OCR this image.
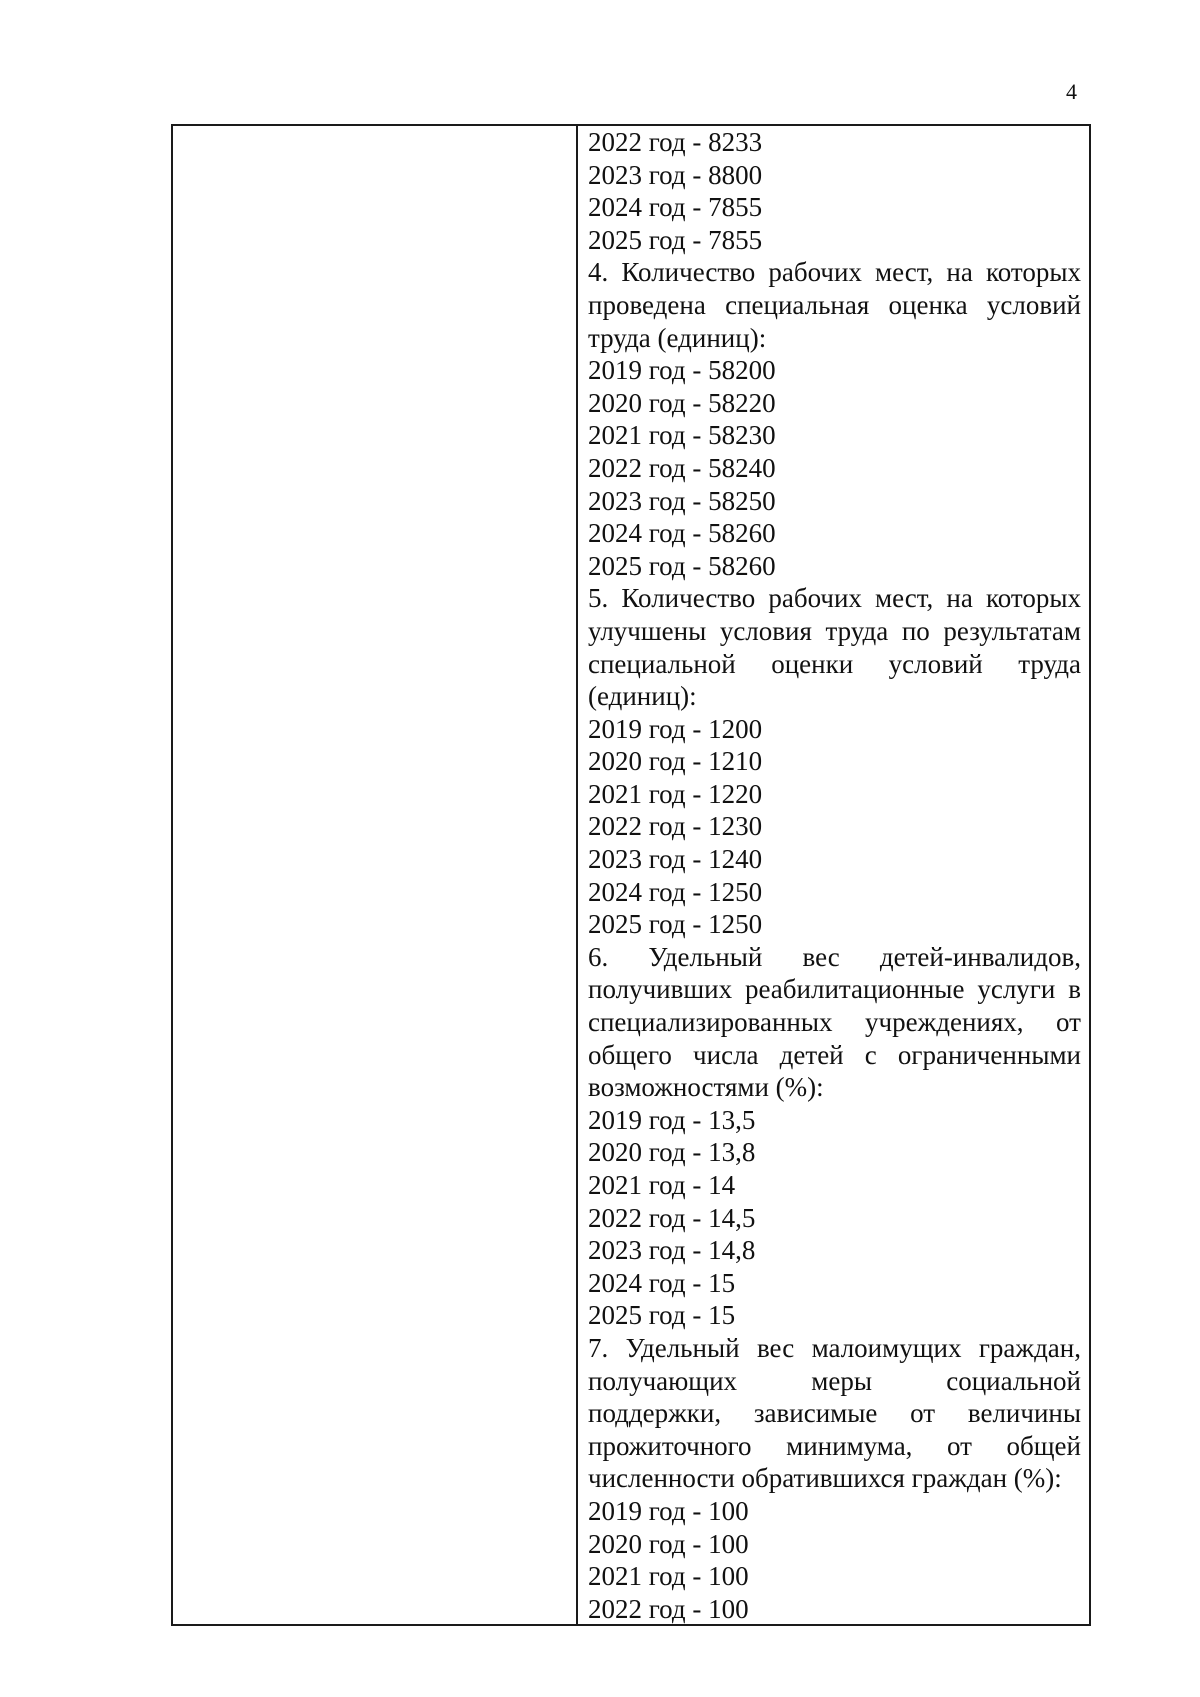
4
2022 год - 8233
2023 год - 8800
2024 год - 7855
2025 год - 7855
4. Количество рабочих мест, на которых проведена специальная оценка условий труда (единиц):
2019 год - 58200
2020 год - 58220
2021 год - 58230
2022 год - 58240
2023 год - 58250
2024 год - 58260
2025 год - 58260
5. Количество рабочих мест, на которых улучшены условия труда по результатам специальной оценки условий труда (единиц):
2019 год - 1200
2020 год - 1210
2021 год - 1220
2022 год - 1230
2023 год - 1240
2024 год - 1250
2025 год - 1250
6. Удельный вес детей-инвалидов, получивших реабилитационные услуги в специализированных учреждениях, от общего числа детей с ограниченными возможностями (%):
2019 год - 13,5
2020 год - 13,8
2021 год - 14
2022 год - 14,5
2023 год - 14,8
2024 год - 15
2025 год - 15
7. Удельный вес малоимущих граждан, получающих меры социальной поддержки, зависимые от величины прожиточного минимума, от общей численности обратившихся граждан (%):
2019 год - 100
2020 год - 100
2021 год - 100
2022 год - 100
